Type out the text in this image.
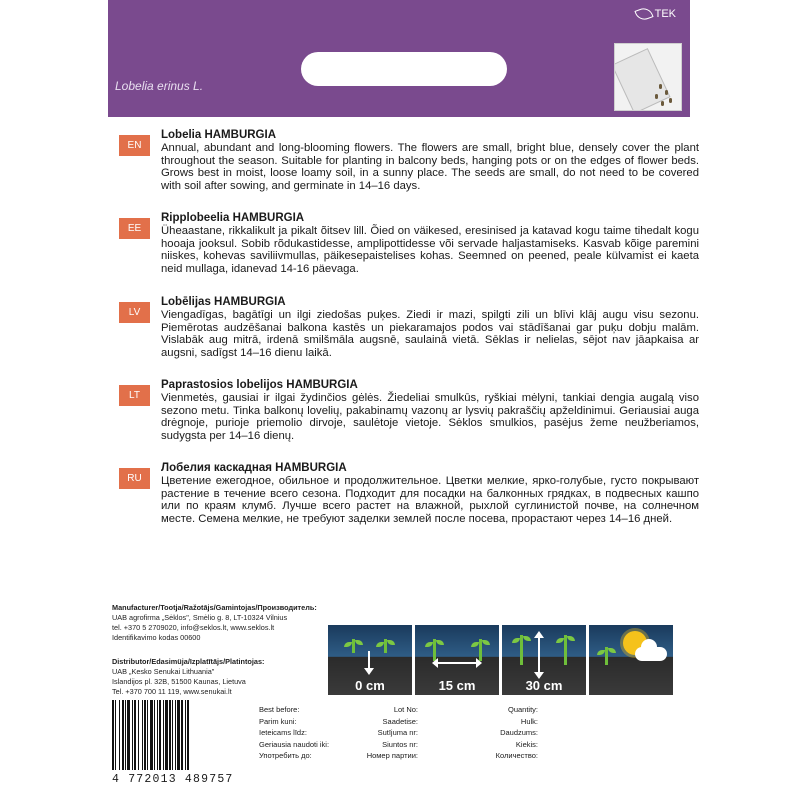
Lobelia erinus L.
TEK
EN
Lobelia HAMBURGIA
Annual, abundant and long-blooming flowers. The flowers are small, bright blue, densely cover the plant throughout the season. Suitable for planting in balcony beds, hanging pots or on the edges of flower beds. Grows best in moist, loose loamy soil, in a sunny place. The seeds are small, do not need to be covered with soil after sowing, and germinate in 14–16 days.
EE
Ripplobeelia HAMBURGIA
Üheaastane, rikkalikult ja pikalt õitsev lill. Õied on väikesed, eresinised ja katavad kogu taime tihedalt kogu hooaja jooksul. Sobib rõdukastidesse, amplipottidesse või servade haljastamiseks. Kasvab kõige paremini niiskes, kohevas saviliivmullas, päikesepaistelises kohas. Seemned on peened, peale külvamist ei kaeta neid mullaga, idanevad 14-16 päevaga.
LV
Lobēlijas HAMBURGIA
Viengadīgas, bagātīgi un ilgi ziedošas puķes. Ziedi ir mazi, spilgti zili un blīvi klāj augu visu sezonu. Piemērotas audzēšanai balkona kastēs un piekaramajos podos vai stādīšanai gar puķu dobju malām. Vislabāk aug mitrā, irdenā smilšmāla augsnē, saulainā vietā. Sēklas ir nelielas, sējot nav jāapkaisa ar augsni, sadīgst 14–16 dienu laikā.
LT
Paprastosios lobelijos HAMBURGIA
Vienmetės, gausiai ir ilgai žydinčios gėlės. Žiedeliai smulkūs, ryškiai mėlyni, tankiai dengia augalą viso sezono metu. Tinka balkonų lovelių, pakabinamų vazonų ar lysvių pakraščių apželdinimui. Geriausiai auga drėgnoje, purioje priemolio dirvoje, saulėtoje vietoje. Sėklos smulkios, pasėjus žeme neužberiamos, sudygsta per 14–16 dienų.
RU
Лобелия каскадная HAMBURGIA
Цветение ежегодное, обильное и продолжительное. Цветки мелкие, ярко-голубые, густо покрывают растение в течение всего сезона. Подходит для посадки на балконных грядках, в подвесных кашпо или по краям клумб. Лучше всего растет на влажной, рыхлой суглинистой почве, на солнечном месте. Семена мелкие, не требуют заделки землей после посева, прорастают через 14–16 дней.
Manufacturer/Tootja/Ražotājs/Gamintojas/Производитель:
UAB agrofirma „Sėklos", Smėlio g. 8, LT-10324 Vilnius
tel. +370 5 2709020, info@seklos.lt, www.seklos.lt
Identifikavimo kodas 00600
Distributor/Edasimüja/Izplatītājs/Platintojas:
UAB „Kesko Senukai Lithuania"
Islandijos pl. 32B, 51500 Kaunas, Lietuva
Tel. +370 700 11 119, www.senukai.lt	0 cm	15 cm	30 cm
4 772013 489757
Best before:
Parim kuni:
Ieteicams līdz:
Geriausia naudoti iki:
Употребить до:
Lot No:
Saadetise:
Sutījuma nr:
Siuntos nr:
Номер партии:
Quantity:
Hulk:
Daudzums:
Kiekis:
Количество:
